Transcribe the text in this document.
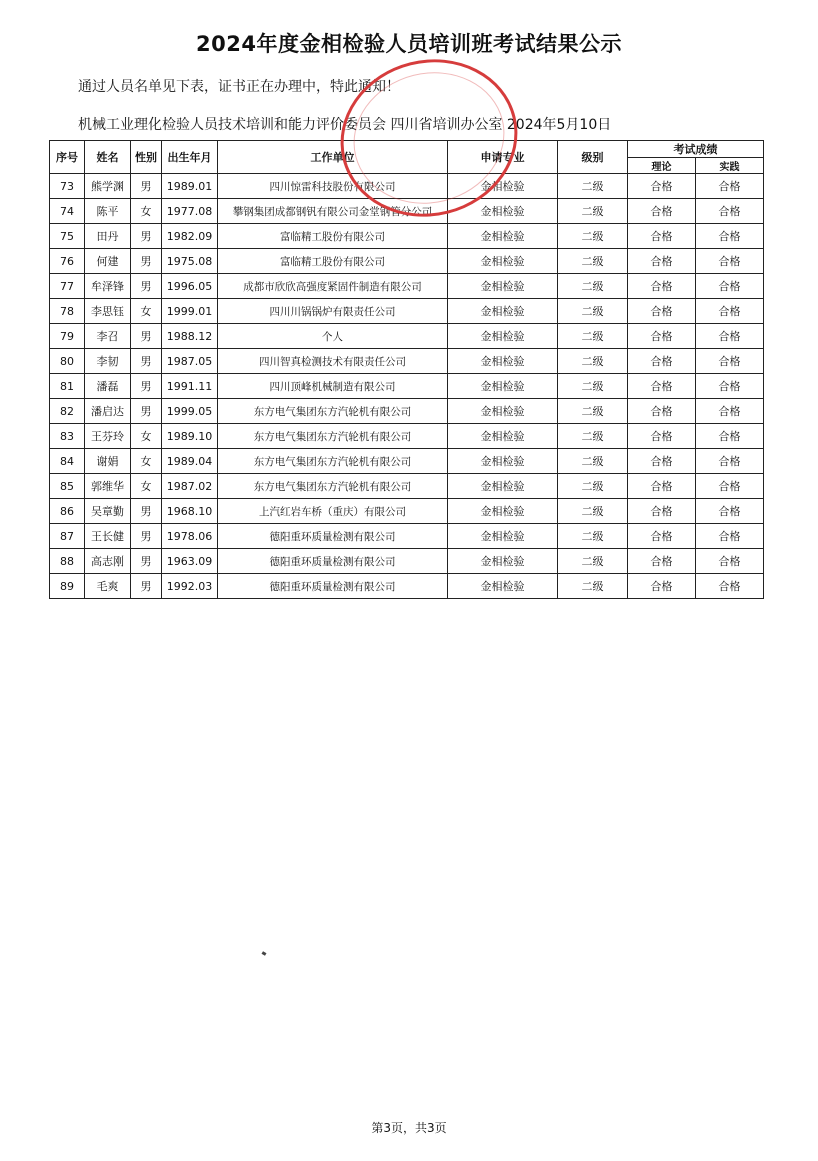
2024年度金相检验人员培训班考试结果公示
通过人员名单见下表，证书正在办理中，特此通知！
机械工业理化检验人员技术培训和能力评价委员会 四川省培训办公室 2024年5月10日
序号	姓名	性别	出生年月	工作单位	申请专业	级别	考试成绩	
							理论	实践
73	熊学渊	男	1989.01	四川惊雷科技股份有限公司	金相检验	二级	合格	合格
74	陈平	女	1977.08	攀钢集团成都钢钒有限公司金堂钢管分公司	金相检验	二级	合格	合格
75	田丹	男	1982.09	富临精工股份有限公司	金相检验	二级	合格	合格
76	何建	男	1975.08	富临精工股份有限公司	金相检验	二级	合格	合格
77	牟泽锋	男	1996.05	成都市欣欣高强度紧固件制造有限公司	金相检验	二级	合格	合格
78	李思钰	女	1999.01	四川川锅锅炉有限责任公司	金相检验	二级	合格	合格
79	李召	男	1988.12	个人	金相检验	二级	合格	合格
80	李韧	男	1987.05	四川智真检测技术有限责任公司	金相检验	二级	合格	合格
81	潘磊	男	1991.11	四川顶峰机械制造有限公司	金相检验	二级	合格	合格
82	潘启达	男	1999.05	东方电气集团东方汽轮机有限公司	金相检验	二级	合格	合格
83	王芬玲	女	1989.10	东方电气集团东方汽轮机有限公司	金相检验	二级	合格	合格
84	谢娟	女	1989.04	东方电气集团东方汽轮机有限公司	金相检验	二级	合格	合格
85	郭维华	女	1987.02	东方电气集团东方汽轮机有限公司	金相检验	二级	合格	合格
86	吴章勤	男	1968.10	上汽红岩车桥（重庆）有限公司	金相检验	二级	合格	合格
87	王长健	男	1978.06	德阳重环质量检测有限公司	金相检验	二级	合格	合格
88	高志刚	男	1963.09	德阳重环质量检测有限公司	金相检验	二级	合格	合格
89	毛爽	男	1992.03	德阳重环质量检测有限公司	金相检验	二级	合格	合格
第3页，共3页
